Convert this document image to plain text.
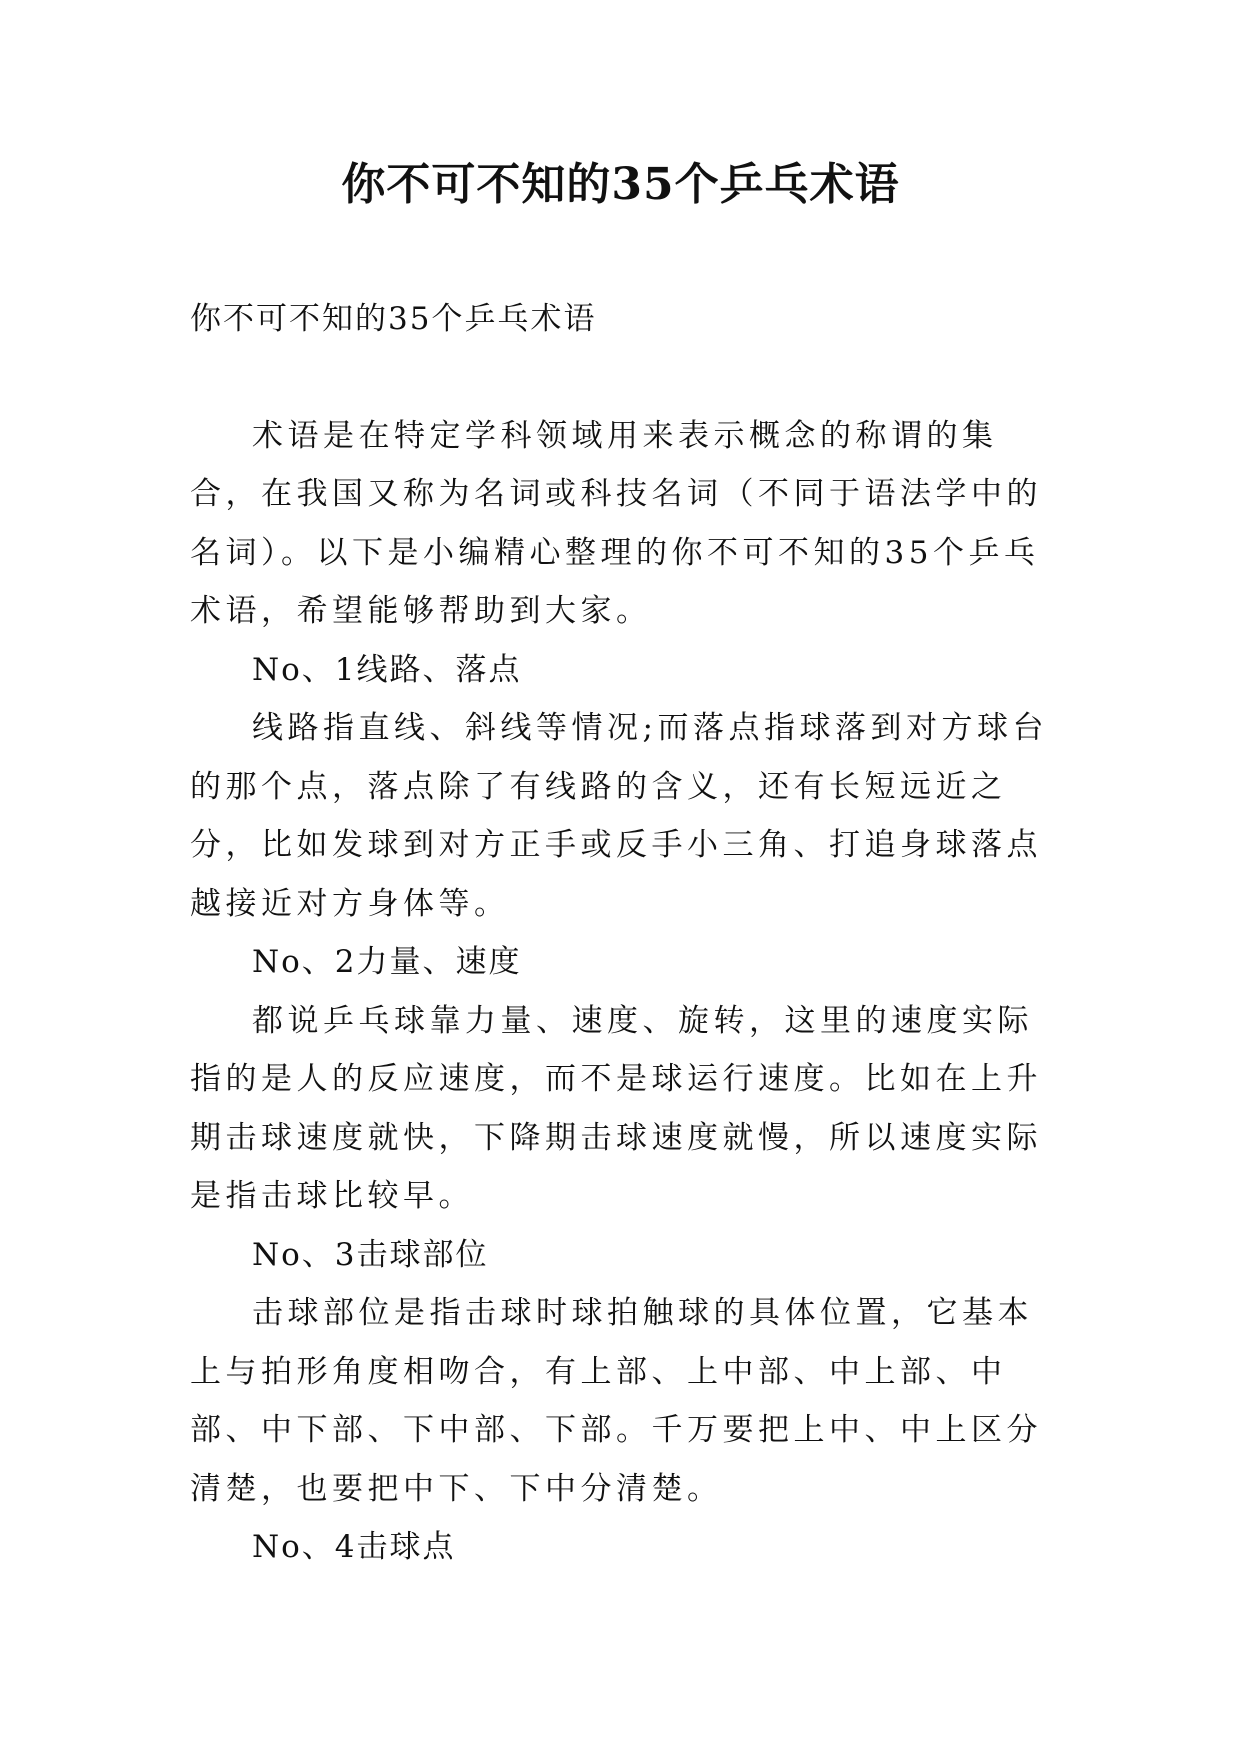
你不可不知的35个乒乓术语

你不可不知的35个乒乓术语

术语是在特定学科领域用来表示概念的称谓的集合，在我国又称为名词或科技名词（不同于语法学中的名词）。以下是小编精心整理的你不可不知的35个乒乓术语，希望能够帮助到大家。

No、1线路、落点

线路指直线、斜线等情况;而落点指球落到对方球台的那个点，落点除了有线路的含义，还有长短远近之分，比如发球到对方正手或反手小三角、打追身球落点越接近对方身体等。

No、2力量、速度

都说乒乓球靠力量、速度、旋转，这里的速度实际指的是人的反应速度，而不是球运行速度。比如在上升期击球速度就快，下降期击球速度就慢，所以速度实际是指击球比较早。

No、3击球部位

击球部位是指击球时球拍触球的具体位置，它基本上与拍形角度相吻合，有上部、上中部、中上部、中部、中下部、下中部、下部。千万要把上中、中上区分清楚，也要把中下、下中分清楚。

No、4击球点
